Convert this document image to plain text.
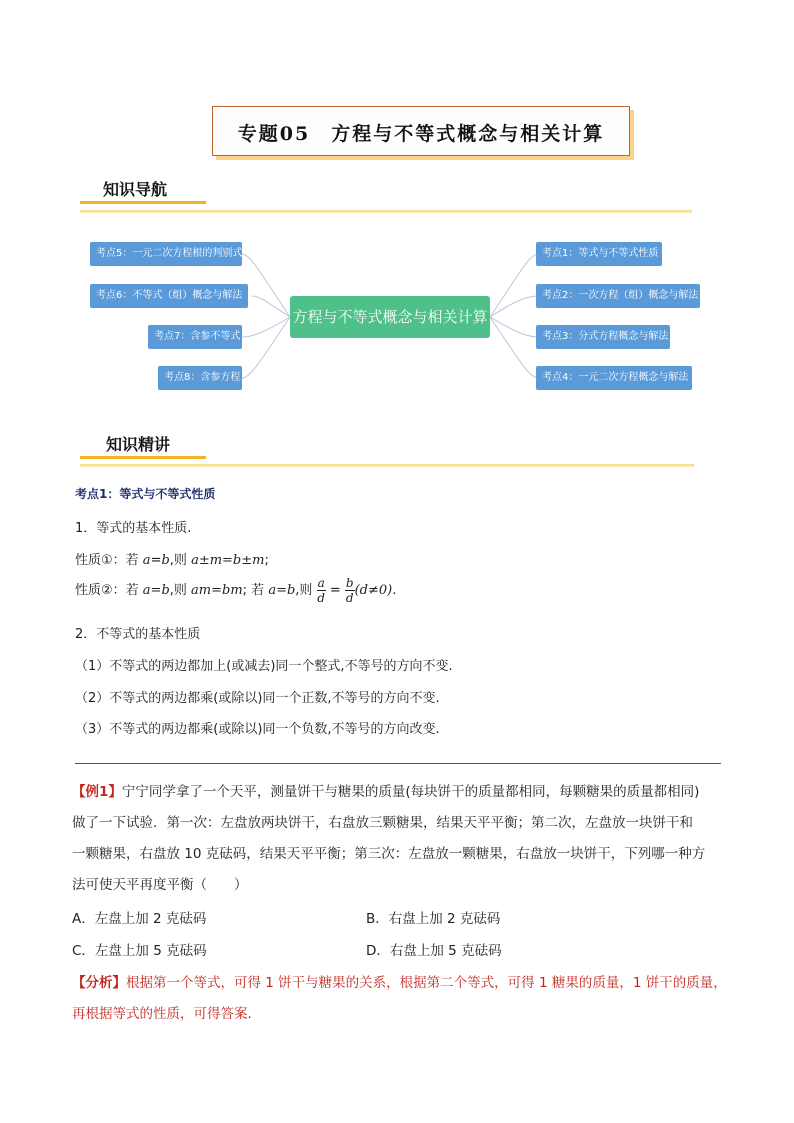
专题05　方程与不等式概念与相关计算
知识导航
方程与不等式概念与相关计算
考点5：一元二次方程根的判别式
考点6：不等式（组）概念与解法
考点7：含参不等式
考点8：含参方程
考点1：等式与不等式性质
考点2：一次方程（组）概念与解法
考点3：分式方程概念与解法
考点4：一元二次方程概念与解法
知识精讲
考点1：等式与不等式性质
1．等式的基本性质.
性质①：若 a=b,则 a±m=b±m;
性质②：若 a=b,则 am=bm; 若 a=b,则 $\frac{a}{d} = \frac{b}{d} (d\ne 0)$.
2．不等式的基本性质
（1）不等式的两边都加上(或减去)同一个整式,不等号的方向不变.
（2）不等式的两边都乘(或除以)同一个正数,不等号的方向不变.
（3）不等式的两边都乘(或除以)同一个负数,不等号的方向改变.
【例1】宁宁同学拿了一个天平，测量饼干与糖果的质量(每块饼干的质量都相同，每颗糖果的质量都相同)
做了一下试验．第一次：左盘放两块饼干，右盘放三颗糖果，结果天平平衡；第二次，左盘放一块饼干和
一颗糖果，右盘放 10 克砝码，结果天平平衡；第三次：左盘放一颗糖果，右盘放一块饼干，下列哪一种方
法可使天平再度平衡（　　）
A．左盘上加 2 克砝码	B．右盘上加 2 克砝码
C．左盘上加 5 克砝码	D．右盘上加 5 克砝码
【分析】根据第一个等式，可得 1 饼干与糖果的关系，根据第二个等式，可得 1 糖果的质量，1 饼干的质量，
再根据等式的性质，可得答案．
